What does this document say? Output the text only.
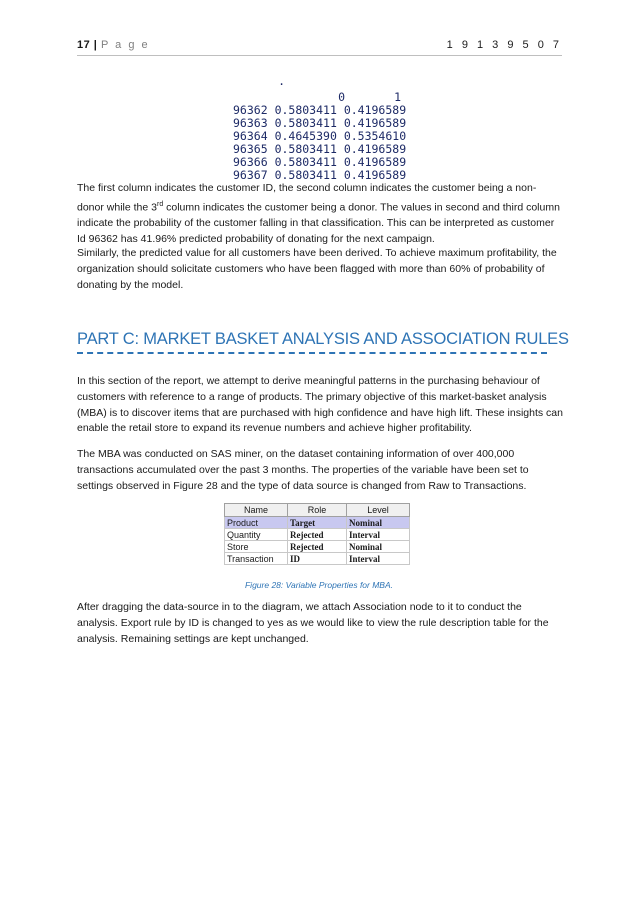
17 | P a g e	1 9 1 3 9 5 0 7
·
0	1
96362 0.5803411 0.4196589
96363 0.5803411 0.4196589
96364 0.4645390 0.5354610
96365 0.5803411 0.4196589
96366 0.5803411 0.4196589
96367 0.5803411 0.4196589

The first column indicates the customer ID, the second column indicates the customer being a non-donor while the 3rd column indicates the customer being a donor. The values in second and third column indicate the probability of the customer falling in that classification. This can be interpreted as customer Id 96362 has 41.96% predicted probability of donating for the next campaign.

Similarly, the predicted value for all customers have been derived. To achieve maximum profitability, the organization should solicitate customers who have been flagged with more than 60% of probability of donating by the model.

PART C: MARKET BASKET ANALYSIS AND ASSOCIATION RULES

In this section of the report, we attempt to derive meaningful patterns in the purchasing behaviour of customers with reference to a range of products. The primary objective of this market-basket analysis (MBA) is to discover items that are purchased with high confidence and have high lift. These insights can enable the retail store to expand its revenue numbers and achieve higher profitability.

The MBA was conducted on SAS miner, on the dataset containing information of over 400,000 transactions accumulated over the past 3 months. The properties of the variable have been set to settings observed in Figure 28 and the type of data source is changed from Raw to Transactions.

Name	Role	Level
Product	Target	Nominal
Quantity	Rejected	Interval
Store	Rejected	Nominal
Transaction	ID	Interval
Figure 28: Variable Properties for MBA.

After dragging the data-source in to the diagram, we attach Association node to it to conduct the analysis. Export rule by ID is changed to yes as we would like to view the rule description table for the analysis. Remaining settings are kept unchanged.
